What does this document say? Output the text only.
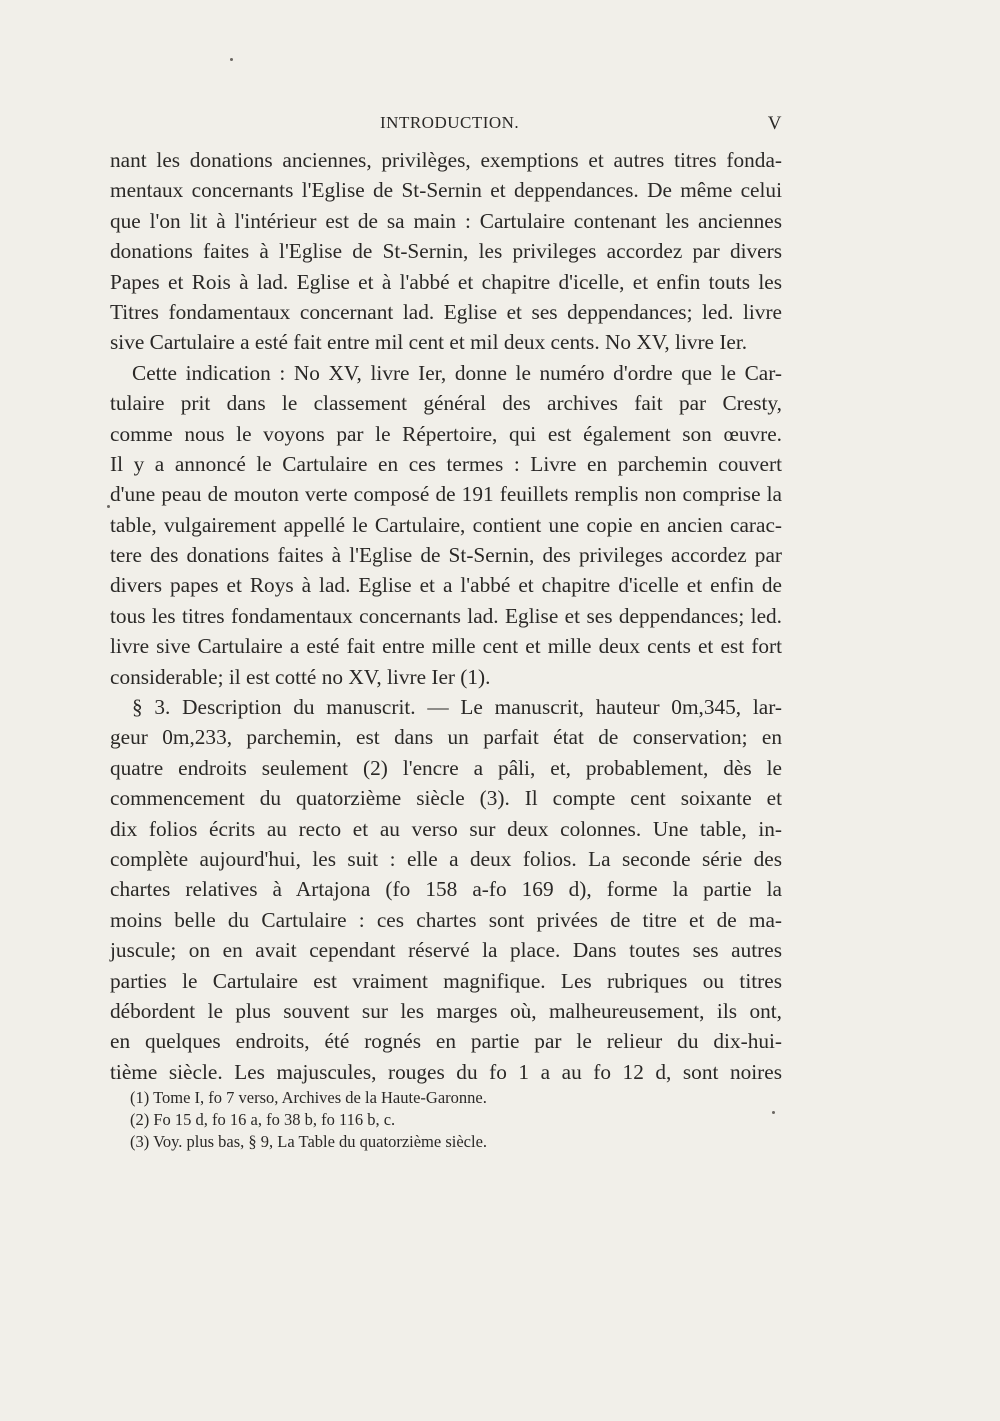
INTRODUCTION.	V
nant les donations anciennes, privilèges, exemptions et autres titres fonda-
mentaux concernants l'Eglise de St-Sernin et deppendances. De même celui
que l'on lit à l'intérieur est de sa main : Cartulaire contenant les anciennes
donations faites à l'Eglise de St-Sernin, les privileges accordez par divers
Papes et Rois à lad. Eglise et à l'abbé et chapitre d'icelle, et enfin touts les
Titres fondamentaux concernant lad. Eglise et ses deppendances; led. livre
sive Cartulaire a esté fait entre mil cent et mil deux cents. No XV, livre Ier.
Cette indication : No XV, livre Ier, donne le numéro d'ordre que le Car-
tulaire prit dans le classement général des archives fait par Cresty,
comme nous le voyons par le Répertoire, qui est également son œuvre.
Il y a annoncé le Cartulaire en ces termes : Livre en parchemin couvert
d'une peau de mouton verte composé de 191 feuillets remplis non comprise la
table, vulgairement appellé le Cartulaire, contient une copie en ancien carac-
tere des donations faites à l'Eglise de St-Sernin, des privileges accordez par
divers papes et Roys à lad. Eglise et a l'abbé et chapitre d'icelle et enfin de
tous les titres fondamentaux concernants lad. Eglise et ses deppendances; led.
livre sive Cartulaire a esté fait entre mille cent et mille deux cents et est fort
considerable; il est cotté no XV, livre Ier (1).
§ 3. Description du manuscrit. — Le manuscrit, hauteur 0m,345, lar-
geur 0m,233, parchemin, est dans un parfait état de conservation; en
quatre endroits seulement (2) l'encre a pâli, et, probablement, dès le
commencement du quatorzième siècle (3). Il compte cent soixante et
dix folios écrits au recto et au verso sur deux colonnes. Une table, in-
complète aujourd'hui, les suit : elle a deux folios. La seconde série des
chartes relatives à Artajona (fo 158 a-fo 169 d), forme la partie la
moins belle du Cartulaire : ces chartes sont privées de titre et de ma-
juscule; on en avait cependant réservé la place. Dans toutes ses autres
parties le Cartulaire est vraiment magnifique. Les rubriques ou titres
débordent le plus souvent sur les marges où, malheureusement, ils ont,
en quelques endroits, été rognés en partie par le relieur du dix-hui-
tième siècle. Les majuscules, rouges du fo 1 a au fo 12 d, sont noires
(1) Tome I, fo 7 verso, Archives de la Haute-Garonne.
(2) Fo 15 d, fo 16 a, fo 38 b, fo 116 b, c.
(3) Voy. plus bas, § 9, La Table du quatorzième siècle.
